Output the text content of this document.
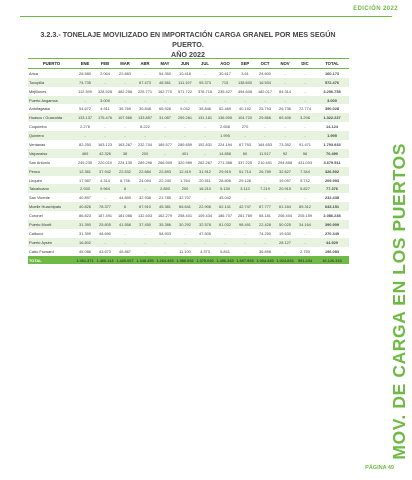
EDICIÓN 2022
3.2.3.- TONELAJE MOVILIZADO EN IMPORTACIÓN CARGA GRANEL POR MES SEGÚN PUERTO.
AÑO 2022
PUERTO	ENE	FEB	MAR	ABR	MAY	JUN	JUL	AGO	SEP	OCT	NOV	DIC	TOTAL
Arica	26.580	2.064	22.883	-	54.350	10.418	-	30.617	3.61	24.600	-	-	160.173
Tocopilla	74.735	-	-	87.473	48.561	111.197	95.373	715	138.600	16.534	-	-	572.476
Mejillones	112.399	328.928	482.258	225.771	162.770	571.722	376.715	235.427	494.608	182.017	84.314	-	3.256.758
Puerto Angamos	-	3.000	-	-	-	-	-	-	-	-	-	-	3.000
Antofagasta	54.672	4.911	35.769	30.848	65.928	9.032	35.846	52.469	40.192	25.793	26.736	72.774	390.028
Huasco / Guacolda	133.137	175.476	107.966	133.857	31.087	259.261	131.181	136.905	104.720	29.866	69.406	3.298	1.322.237
Coquimbo	2.276	-	-	8.222	-	-	-	2.658	270	-	-	-	14.124
Quintero	-	-	-	-	-	-	-	1.995	-	-	-	-	1.995
Ventanas	82.250	163.123	163.267	232.704	189.577	289.859	152.831	224.194	67.793	164.653	73.392	91.471	1.793.933
Valparaíso	469	42.326	38	200	-	401	-	14.858	60	11.517	92	56	70.490
San Antonio	249.235	220.010	224.135	289.296	266.909	320.989	262.267	271.388	337.225	210.491	294.858	431.003	3.679.511
Penco	12.361	37.942	22.532	22.684	22.893	12.419	31.912	29.919	51.714	26.789	32.627	7.344	326.502
Lirquén	17.987	4.314	6.736	24.094	22.240	1.764	20.911	28.806	29.128	-	19.097	5.742	209.993
Talcahuano	2.930	9.964	8	-	2.850	200	16.210	5.130	3.113	7.219	20.915	5.827	77.376
San Vicente	40.897	-	44.890	32.938	21.785	32.707	-	45.042	-	-	-	-	232.438
Muelle Huachipato	40.826	78.377	6	67.910	45.381	66.641	22.906	62.141	42.747	87.777	61.184	89.312	643.151
Coronel	86.823	187.491	181.086	132.503	162.279	258.401	109.434	186.707	261.769	68.181	206.404	205.159	2.086.238
Puerto Montt	31.390	25.805	41.558	37.450	35.386	30.292	32.578	81.032	98.491	22.428	50.025	34.164	390.909
Calbuco	31.399	48.690	-	-	58.903	-	47.505	-	-	74.250	19.630	-	270.349
Puerto Aysén	16.802	-	-	-	-	-	-	-	-	-	28.127	-	44.929
Cabo Froward	45.086	43.673	45.867	-	-	11.100	4.373	5.841	-	36.898	-	2.750	196.083
TOTAL	1.061.371	1.466.113	1.420.067	1.348.455	1.264.465	1.986.932	1.375.030	1.456.345	1.667.965	1.004.345	1.024.834	991.234	16.126.313	MOV. DE CARGA EN LOS PUERTOS
PÁGINA 49
